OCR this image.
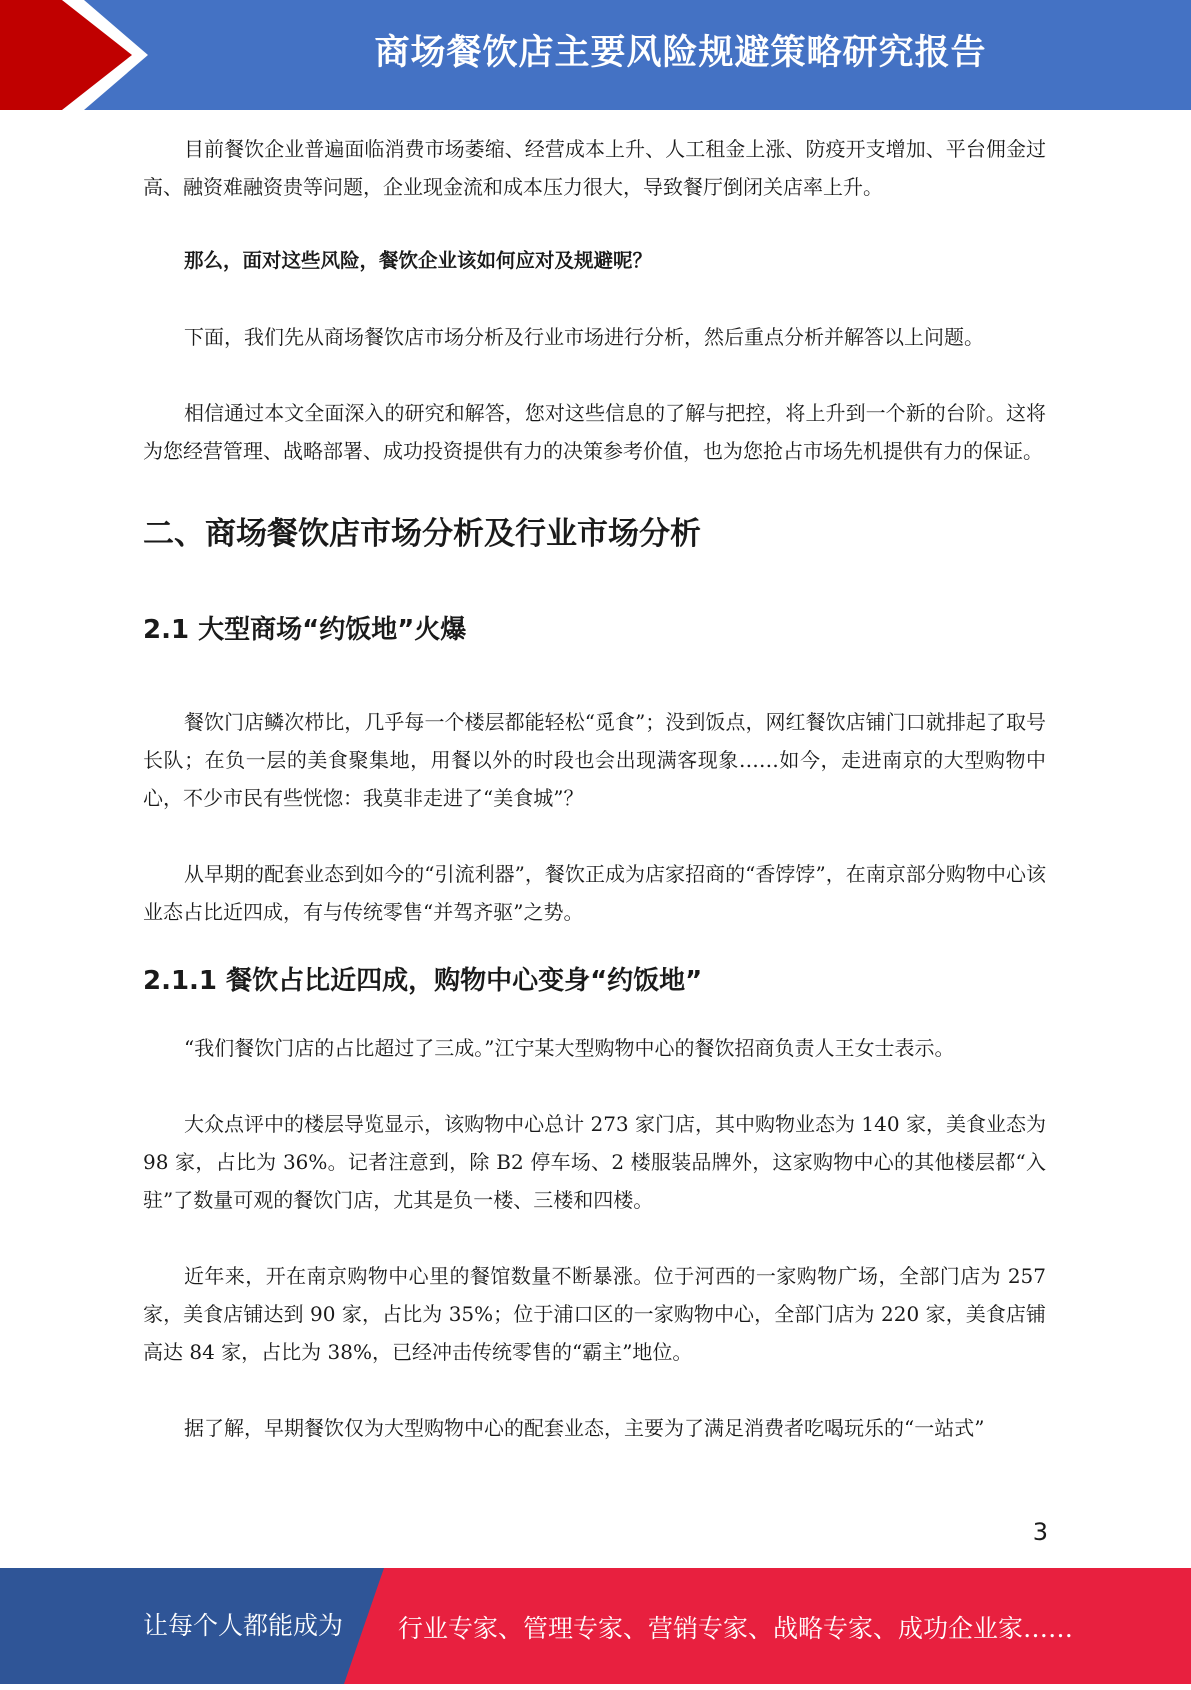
商场餐饮店主要风险规避策略研究报告

目前餐饮企业普遍面临消费市场萎缩、经营成本上升、人工租金上涨、防疫开支增加、平台佣金过高、融资难融资贵等问题，企业现金流和成本压力很大，导致餐厅倒闭关店率上升。

那么，面对这些风险，餐饮企业该如何应对及规避呢？

下面，我们先从商场餐饮店市场分析及行业市场进行分析，然后重点分析并解答以上问题。

相信通过本文全面深入的研究和解答，您对这些信息的了解与把控，将上升到一个新的台阶。这将为您经营管理、战略部署、成功投资提供有力的决策参考价值，也为您抢占市场先机提供有力的保证。

二、商场餐饮店市场分析及行业市场分析
2.1 大型商场“约饭地”火爆

餐饮门店鳞次栉比，几乎每一个楼层都能轻松“觅食”；没到饭点，网红餐饮店铺门口就排起了取号长队；在负一层的美食聚集地，用餐以外的时段也会出现满客现象……如今，走进南京的大型购物中心，不少市民有些恍惚：我莫非走进了“美食城”？

从早期的配套业态到如今的“引流利器”，餐饮正成为店家招商的“香饽饽”，在南京部分购物中心该业态占比近四成，有与传统零售“并驾齐驱”之势。

2.1.1 餐饮占比近四成，购物中心变身“约饭地”

“我们餐饮门店的占比超过了三成。”江宁某大型购物中心的餐饮招商负责人王女士表示。

大众点评中的楼层导览显示，该购物中心总计 273 家门店，其中购物业态为 140 家，美食业态为 98 家，占比为 36%。记者注意到，除 B2 停车场、2 楼服装品牌外，这家购物中心的其他楼层都“入驻”了数量可观的餐饮门店，尤其是负一楼、三楼和四楼。

近年来，开在南京购物中心里的餐馆数量不断暴涨。位于河西的一家购物广场，全部门店为 257 家，美食店铺达到 90 家，占比为 35%；位于浦口区的一家购物中心，全部门店为 220 家，美食店铺高达 84 家，占比为 38%，已经冲击传统零售的“霸主”地位。

据了解，早期餐饮仅为大型购物中心的配套业态，主要为了满足消费者吃喝玩乐的“一站式”

3
让每个人都能成为 行业专家、管理专家、营销专家、战略专家、成功企业家……
